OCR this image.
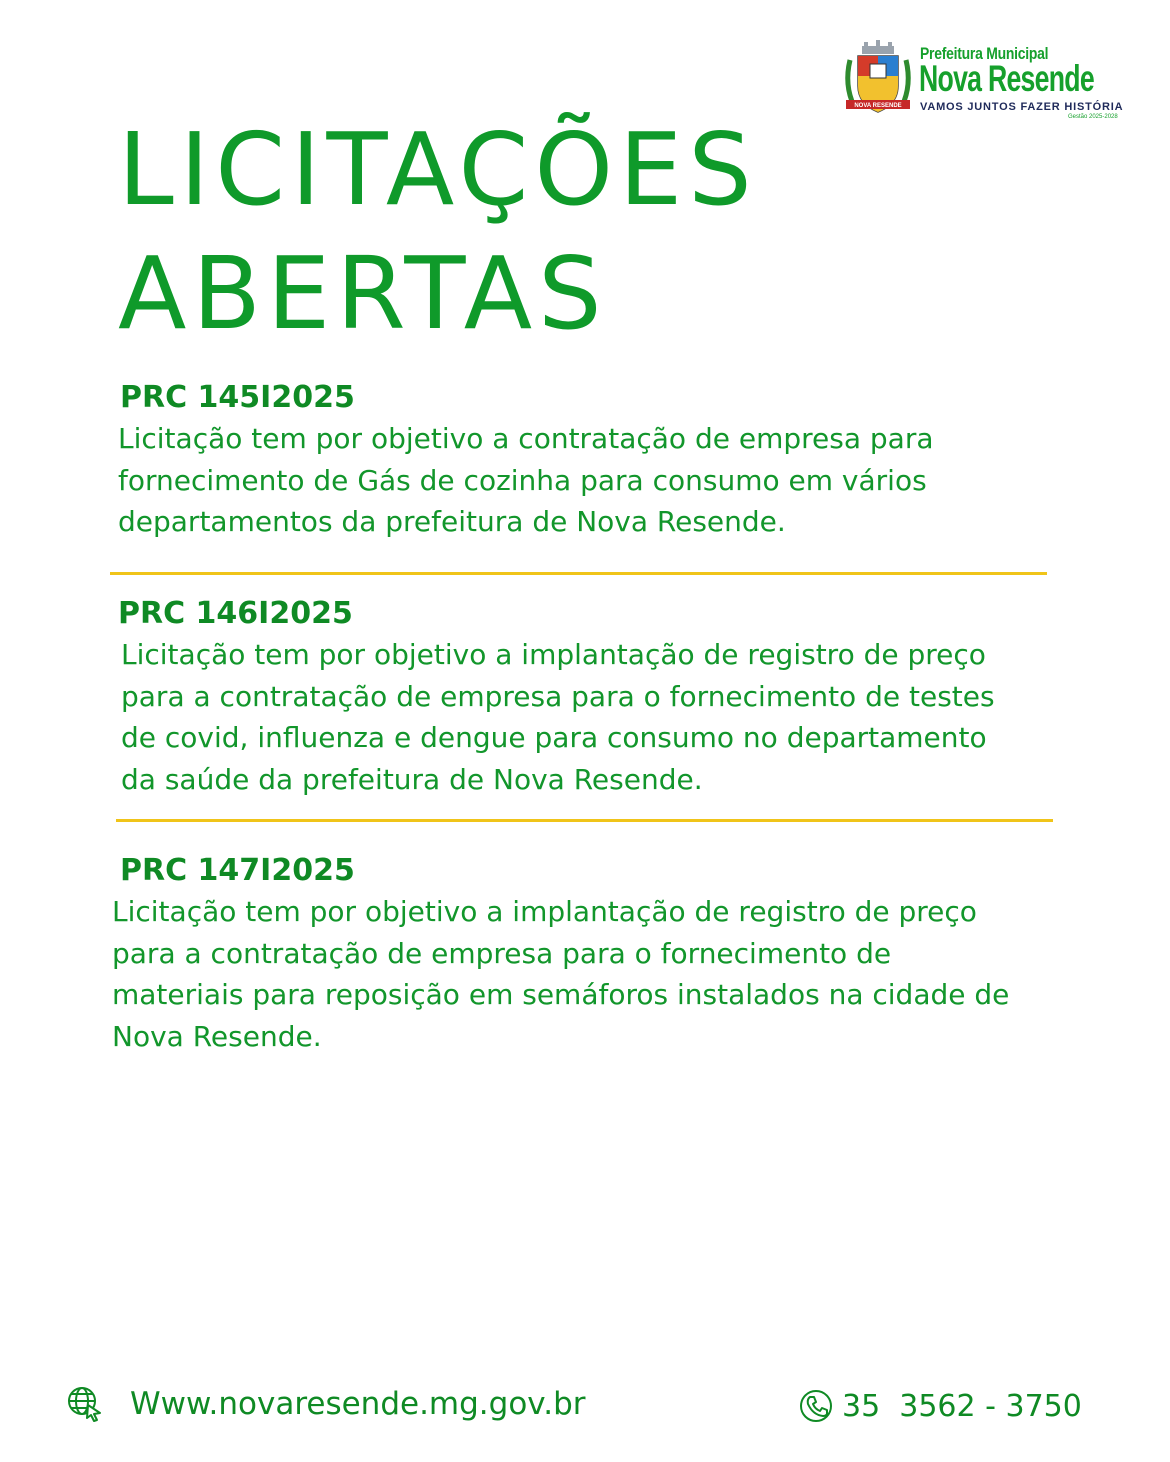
NOVA RESENDE
Prefeitura Municipal
Nova Resende
VAMOS JUNTOS FAZER HISTÓRIA
Gestão 2025-2028
LICITAÇÕES
ABERTAS
PRC 145I2025

Licitação tem por objetivo a contratação de empresa para
fornecimento de Gás de cozinha para consumo em vários
departamentos da prefeitura de Nova Resende.

PRC 146I2025

Licitação tem por objetivo a implantação de registro de preço
para a contratação de empresa para o fornecimento de testes
de covid, influenza e dengue para consumo no departamento
da saúde da prefeitura de Nova Resende.

PRC 147I2025

Licitação tem por objetivo a implantação de registro de preço
para a contratação de empresa para o fornecimento de
materiais para reposição em semáforos instalados na cidade de
Nova Resende.

Www.novaresende.mg.gov.br	35  3562 - 3750
